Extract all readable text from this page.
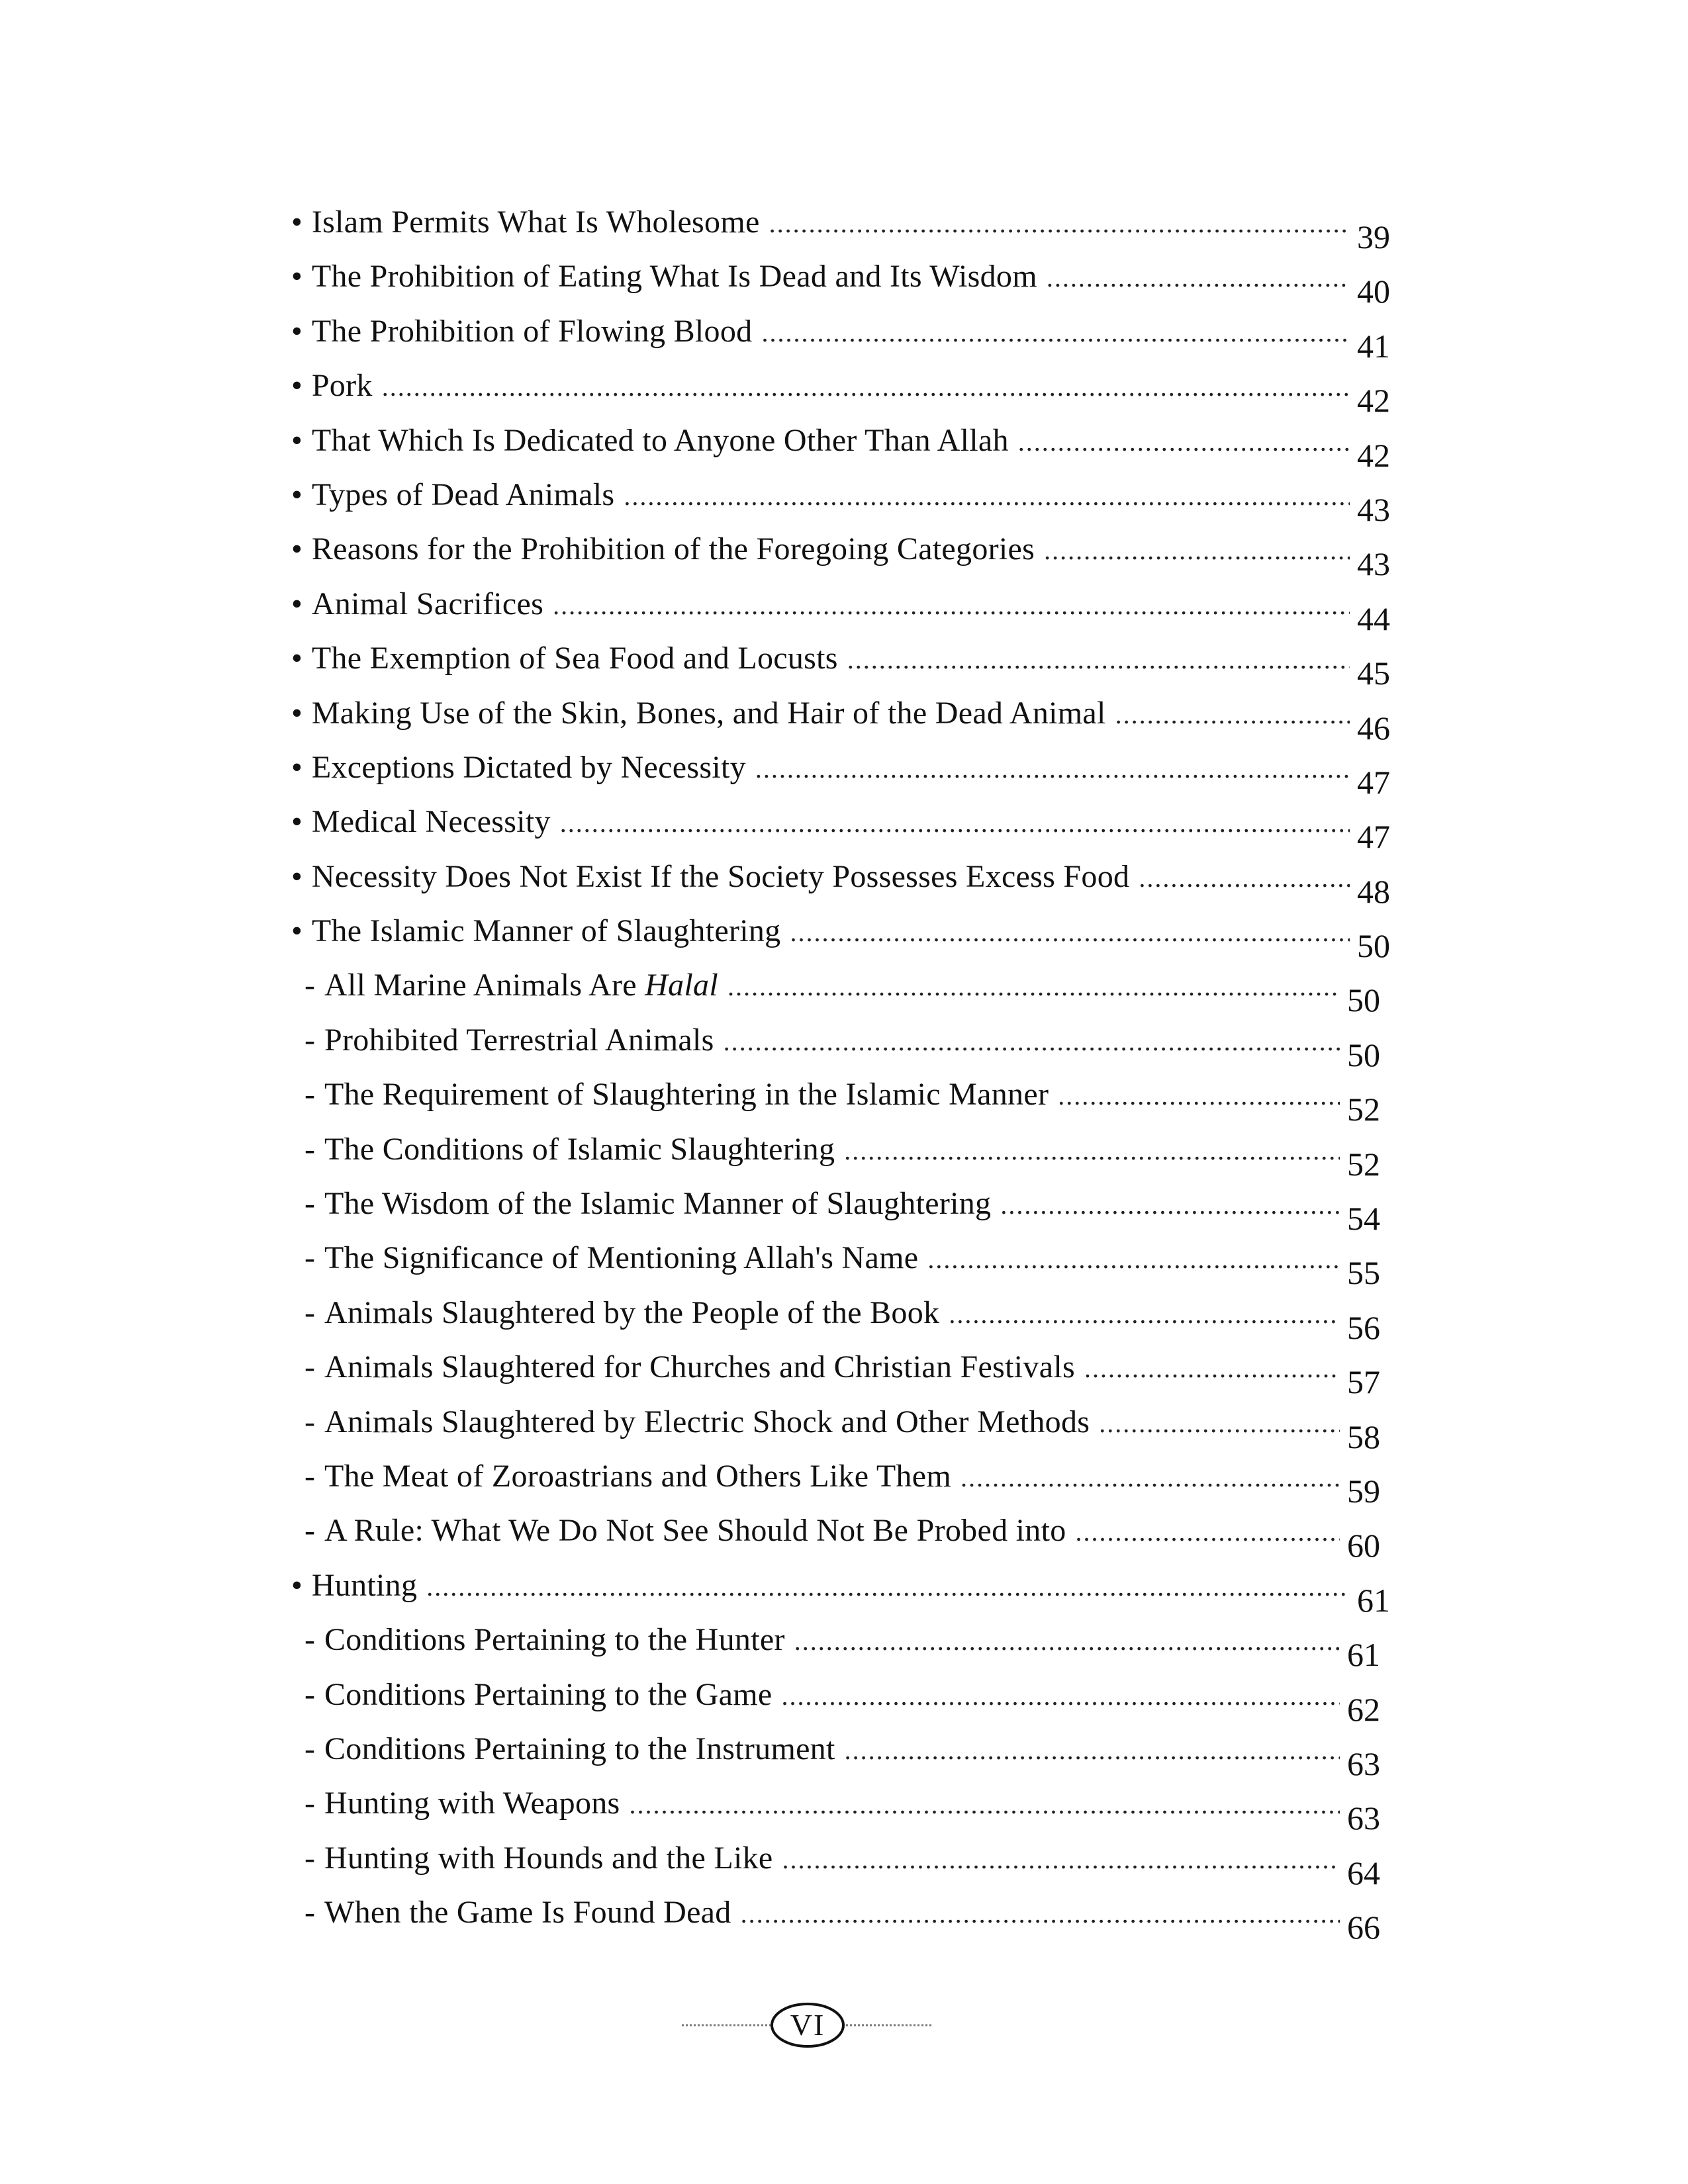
• Islam Permits What Is Wholesome .....	39
• The Prohibition of Eating What Is Dead and Its Wisdom .....	40
• The Prohibition of Flowing Blood .....	41
• Pork .....	42
• That Which Is Dedicated to Anyone Other Than Allah .....	42
• Types of Dead Animals .....	43
• Reasons for the Prohibition of the Foregoing Categories .....	43
• Animal Sacrifices .....	44
• The Exemption of Sea Food and Locusts .....	45
• Making Use of the Skin, Bones, and Hair of the Dead Animal .....	46
• Exceptions Dictated by Necessity .....	47
• Medical Necessity .....	47
• Necessity Does Not Exist If the Society Possesses Excess Food .....	48
• The Islamic Manner of Slaughtering .....	50
- All Marine Animals Are Halal .....	50
- Prohibited Terrestrial Animals .....	50
- The Requirement of Slaughtering in the Islamic Manner .....	52
- The Conditions of Islamic Slaughtering .....	52
- The Wisdom of the Islamic Manner of Slaughtering .....	54
- The Significance of Mentioning Allah's Name .....	55
- Animals Slaughtered by the People of the Book .....	56
- Animals Slaughtered for Churches and Christian Festivals .....	57
- Animals Slaughtered by Electric Shock and Other Methods .....	58
- The Meat of Zoroastrians and Others Like Them .....	59
- A Rule: What We Do Not See Should Not Be Probed into .....	60
• Hunting .....	61
- Conditions Pertaining to the Hunter .....	61
- Conditions Pertaining to the Game .....	62
- Conditions Pertaining to the Instrument .....	63
- Hunting with Weapons .....	63
- Hunting with Hounds and the Like .....	64
- When the Game Is Found Dead .....	66
VI
